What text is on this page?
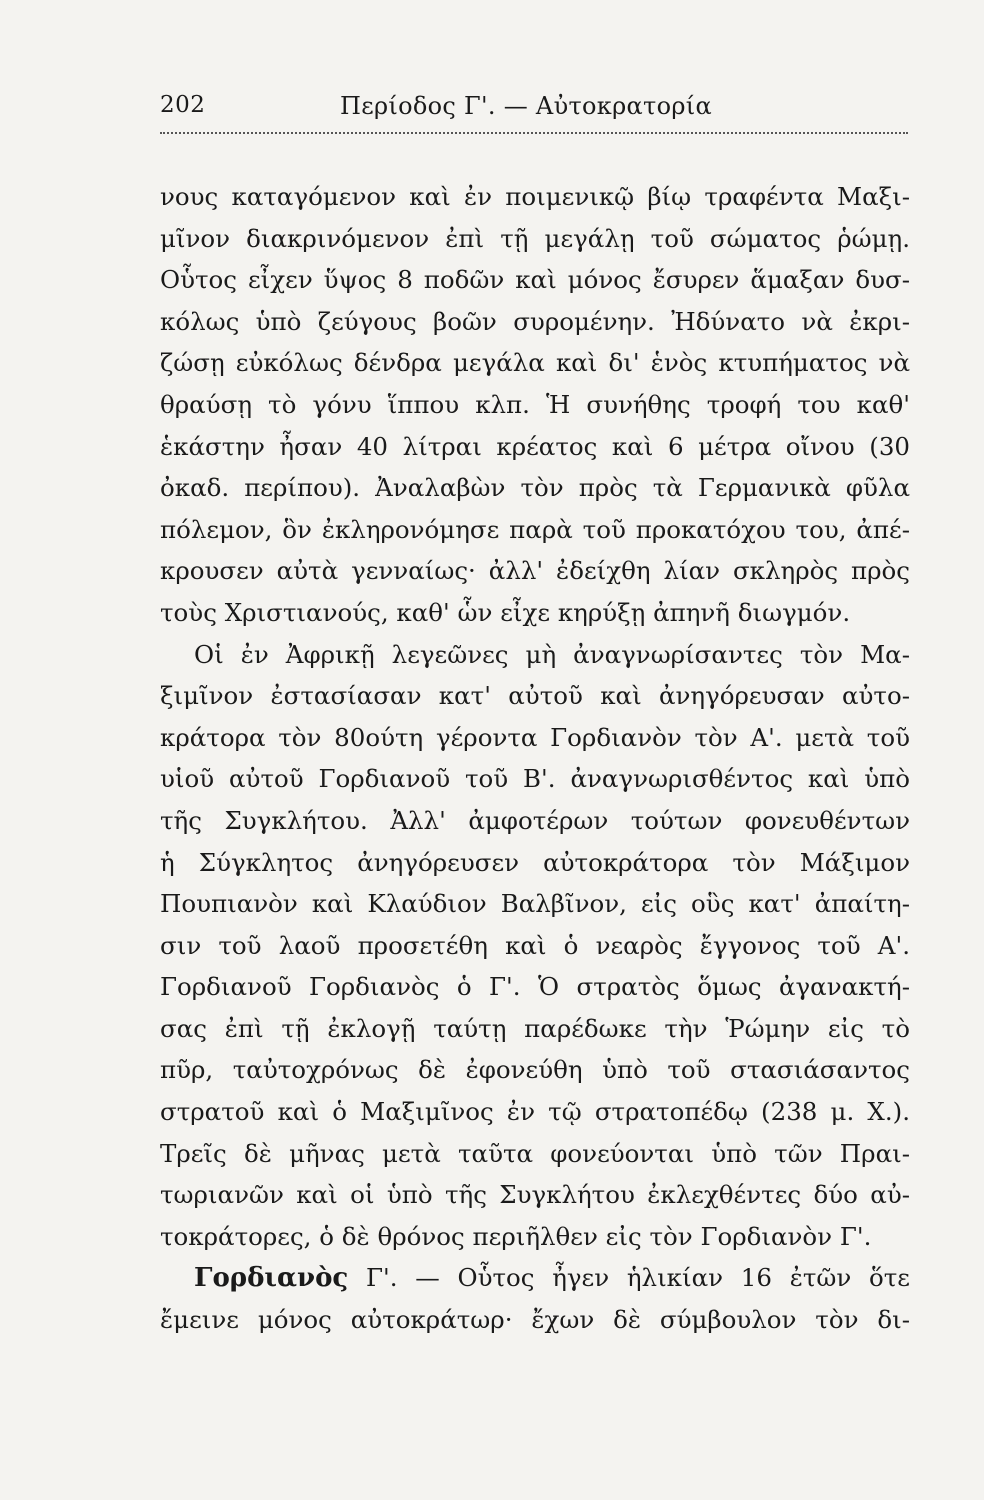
202	Περίοδος Γ'. — Αὐτοκρατορία
νους καταγόμενον καὶ ἐν ποιμενικῷ βίῳ τραφέντα Μαξι-
μῖνον διακρινόμενον ἐπὶ τῇ μεγάλῃ τοῦ σώματος ῥώμῃ.
Οὗτος εἶχεν ὕψος 8 ποδῶν καὶ μόνος ἔσυρεν ἅμαξαν δυσ-
κόλως ὑπὸ ζεύγους βοῶν συρομένην. Ἠδύνατο νὰ ἐκρι-
ζώσῃ εὐκόλως δένδρα μεγάλα καὶ δι' ἑνὸς κτυπήματος νὰ
θραύσῃ τὸ γόνυ ἵππου κλπ. Ἡ συνήθης τροφή του καθ'
ἑκάστην ἦσαν 40 λίτραι κρέατος καὶ 6 μέτρα οἴνου (30
ὀκαδ. περίπου). Ἀναλαβὼν τὸν πρὸς τὰ Γερμανικὰ φῦλα
πόλεμον, ὃν ἐκληρονόμησε παρὰ τοῦ προκατόχου του, ἀπέ-
κρουσεν αὐτὰ γενναίως· ἀλλ' ἐδείχθη λίαν σκληρὸς πρὸς
τοὺς Χριστιανούς, καθ' ὧν εἶχε κηρύξῃ ἀπηνῆ διωγμόν.
Οἱ ἐν Ἀφρικῇ λεγεῶνες μὴ ἀναγνωρίσαντες τὸν Μα-
ξιμῖνον ἐστασίασαν κατ' αὐτοῦ καὶ ἀνηγόρευσαν αὐτο-
κράτορα τὸν 80ούτη γέροντα Γορδιανὸν τὸν Α'. μετὰ τοῦ
υἱοῦ αὐτοῦ Γορδιανοῦ τοῦ Β'. ἀναγνωρισθέντος καὶ ὑπὸ
τῆς Συγκλήτου. Ἀλλ' ἀμφοτέρων τούτων φονευθέντων
ἡ Σύγκλητος ἀνηγόρευσεν αὐτοκράτορα τὸν Μάξιμον
Πουπιανὸν καὶ Κλαύδιον Βαλβῖνον, εἰς οὓς κατ' ἀπαίτη-
σιν τοῦ λαοῦ προσετέθη καὶ ὁ νεαρὸς ἔγγονος τοῦ Α'.
Γορδιανοῦ Γορδιανὸς ὁ Γ'. Ὁ στρατὸς ὅμως ἀγανακτή-
σας ἐπὶ τῇ ἐκλογῇ ταύτῃ παρέδωκε τὴν Ῥώμην εἰς τὸ
πῦρ, ταὐτοχρόνως δὲ ἐφονεύθη ὑπὸ τοῦ στασιάσαντος
στρατοῦ καὶ ὁ Μαξιμῖνος ἐν τῷ στρατοπέδῳ (238 μ. Χ.).
Τρεῖς δὲ μῆνας μετὰ ταῦτα φονεύονται ὑπὸ τῶν Πραι-
τωριανῶν καὶ οἱ ὑπὸ τῆς Συγκλήτου ἐκλεχθέντες δύο αὐ-
τοκράτορες, ὁ δὲ θρόνος περιῆλθεν εἰς τὸν Γορδιανὸν Γ'.
Γορδιανὸς Γ'. — Οὗτος ἦγεν ἡλικίαν 16 ἐτῶν ὅτε
ἔμεινε μόνος αὐτοκράτωρ· ἔχων δὲ σύμβουλον τὸν δι-
